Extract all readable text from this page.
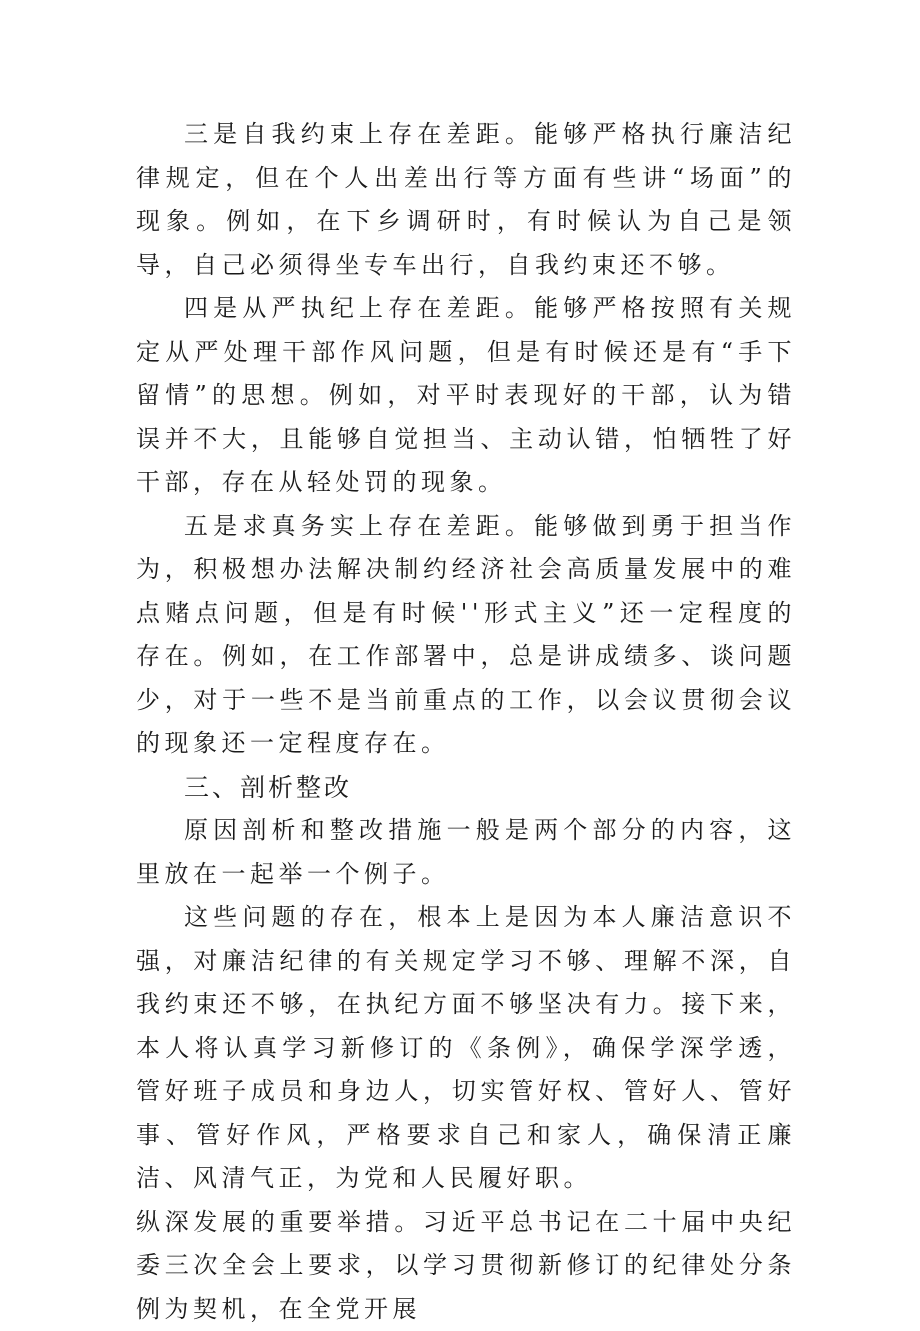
三是自我约束上存在差距。能够严格执行廉洁纪律规定，但在个人出差出行等方面有些讲“场面”的现象。例如，在下乡调研时，有时候认为自己是领导，自己必须得坐专车出行，自我约束还不够。

四是从严执纪上存在差距。能够严格按照有关规定从严处理干部作风问题，但是有时候还是有“手下留情”的思想。例如，对平时表现好的干部，认为错误并不大，且能够自觉担当、主动认错，怕牺牲了好干部，存在从轻处罚的现象。

五是求真务实上存在差距。能够做到勇于担当作为，积极想办法解决制约经济社会高质量发展中的难点赌点问题，但是有时候''形式主义”还一定程度的存在。例如，在工作部署中，总是讲成绩多、谈问题少，对于一些不是当前重点的工作，以会议贯彻会议的现象还一定程度存在。

三、剖析整改

原因剖析和整改措施一般是两个部分的内容，这里放在一起举一个例子。

这些问题的存在，根本上是因为本人廉洁意识不强，对廉洁纪律的有关规定学习不够、理解不深，自我约束还不够，在执纪方面不够坚决有力。接下来，本人将认真学习新修订的《条例》，确保学深学透，管好班子成员和身边人，切实管好权、管好人、管好事、管好作风，严格要求自己和家人，确保清正廉洁、风清气正，为党和人民履好职。

纵深发展的重要举措。习近平总书记在二十届中央纪委三次全会上要求，以学习贯彻新修订的纪律处分条例为契机，在全党开展
